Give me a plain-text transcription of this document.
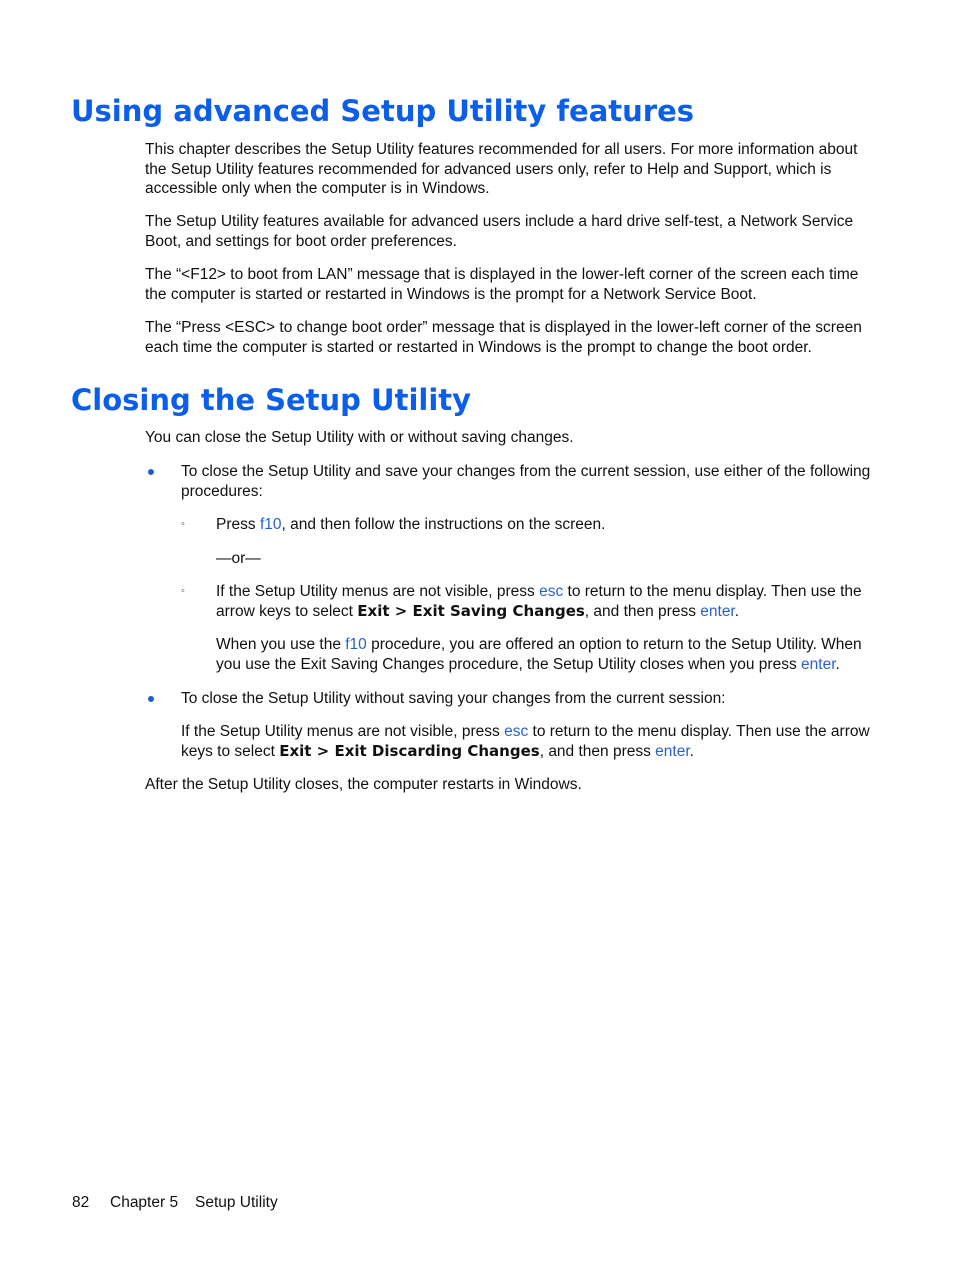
Using advanced Setup Utility features

This chapter describes the Setup Utility features recommended for all users. For more information about the Setup Utility features recommended for advanced users only, refer to Help and Support, which is accessible only when the computer is in Windows.

The Setup Utility features available for advanced users include a hard drive self-test, a Network Service Boot, and settings for boot order preferences.

The “<F12> to boot from LAN” message that is displayed in the lower-left corner of the screen each time the computer is started or restarted in Windows is the prompt for a Network Service Boot.

The “Press <ESC> to change boot order” message that is displayed in the lower-left corner of the screen each time the computer is started or restarted in Windows is the prompt to change the boot order.

Closing the Setup Utility

You can close the Setup Utility with or without saving changes.

To close the Setup Utility and save your changes from the current session, use either of the following procedures:

◦ Press f10, and then follow the instructions on the screen.

—or—

◦ If the Setup Utility menus are not visible, press esc to return to the menu display. Then use the arrow keys to select Exit > Exit Saving Changes, and then press enter.

When you use the f10 procedure, you are offered an option to return to the Setup Utility. When you use the Exit Saving Changes procedure, the Setup Utility closes when you press enter.

To close the Setup Utility without saving your changes from the current session:

If the Setup Utility menus are not visible, press esc to return to the menu display. Then use the arrow keys to select Exit > Exit Discarding Changes, and then press enter.

After the Setup Utility closes, the computer restarts in Windows.

82 Chapter 5 Setup Utility
